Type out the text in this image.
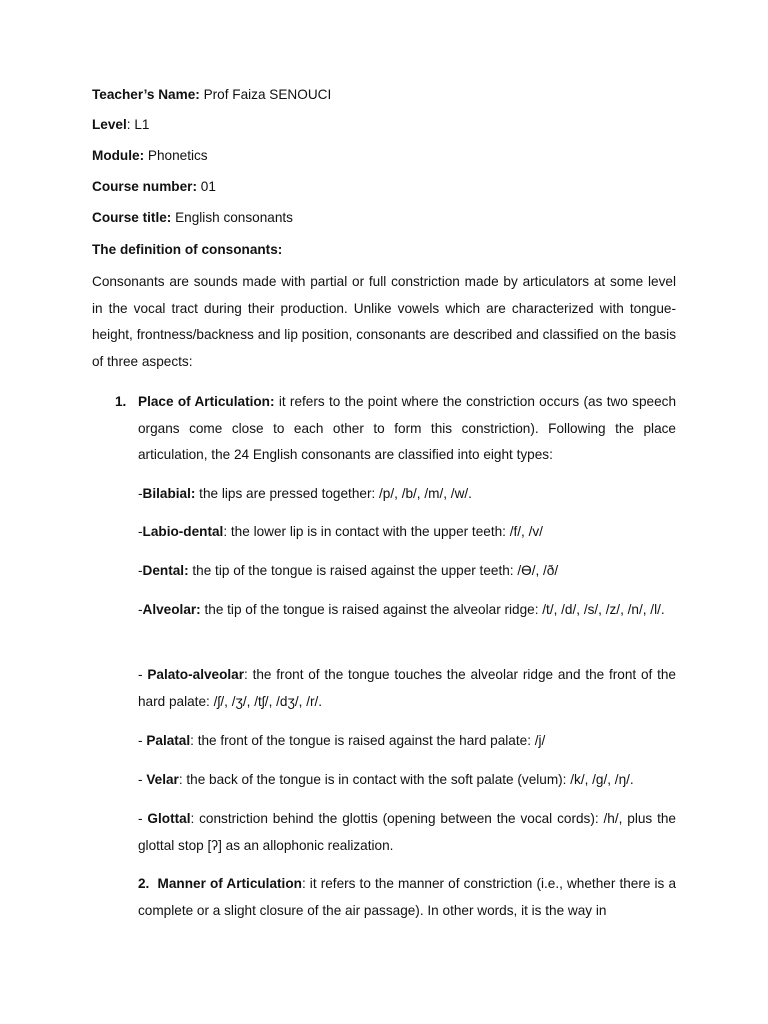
Teacher’s Name: Prof Faiza SENOUCI
Level: L1
Module: Phonetics
Course number: 01
Course title: English consonants
The definition of consonants:

Consonants are sounds made with partial or full constriction made by articulators at some level in the vocal tract during their production. Unlike vowels which are characterized with tongue-height, frontness/backness and lip position, consonants are described and classified on the basis of three aspects:

1. Place of Articulation: it refers to the point where the constriction occurs (as two speech organs come close to each other to form this constriction). Following the place articulation, the 24 English consonants are classified into eight types:

-Bilabial: the lips are pressed together: /p/, /b/, /m/, /w/.

-Labio-dental: the lower lip is in contact with the upper teeth: /f/, /v/

-Dental: the tip of the tongue is raised against the upper teeth: /Ɵ/, /ð/

-Alveolar: the tip of the tongue is raised against the alveolar ridge: /t/, /d/, /s/, /z/, /n/, /l/.

- Palato-alveolar: the front of the tongue touches the alveolar ridge and the front of the hard palate: /ʃ/, /ʒ/, /tʃ/, /dʒ/, /r/.

- Palatal: the front of the tongue is raised against the hard palate: /j/

- Velar: the back of the tongue is in contact with the soft palate (velum): /k/, /g/, /ŋ/.

- Glottal: constriction behind the glottis (opening between the vocal cords): /h/, plus the glottal stop [ʔ] as an allophonic realization.

2. Manner of Articulation: it refers to the manner of constriction (i.e., whether there is a complete or a slight closure of the air passage). In other words, it is the way in
